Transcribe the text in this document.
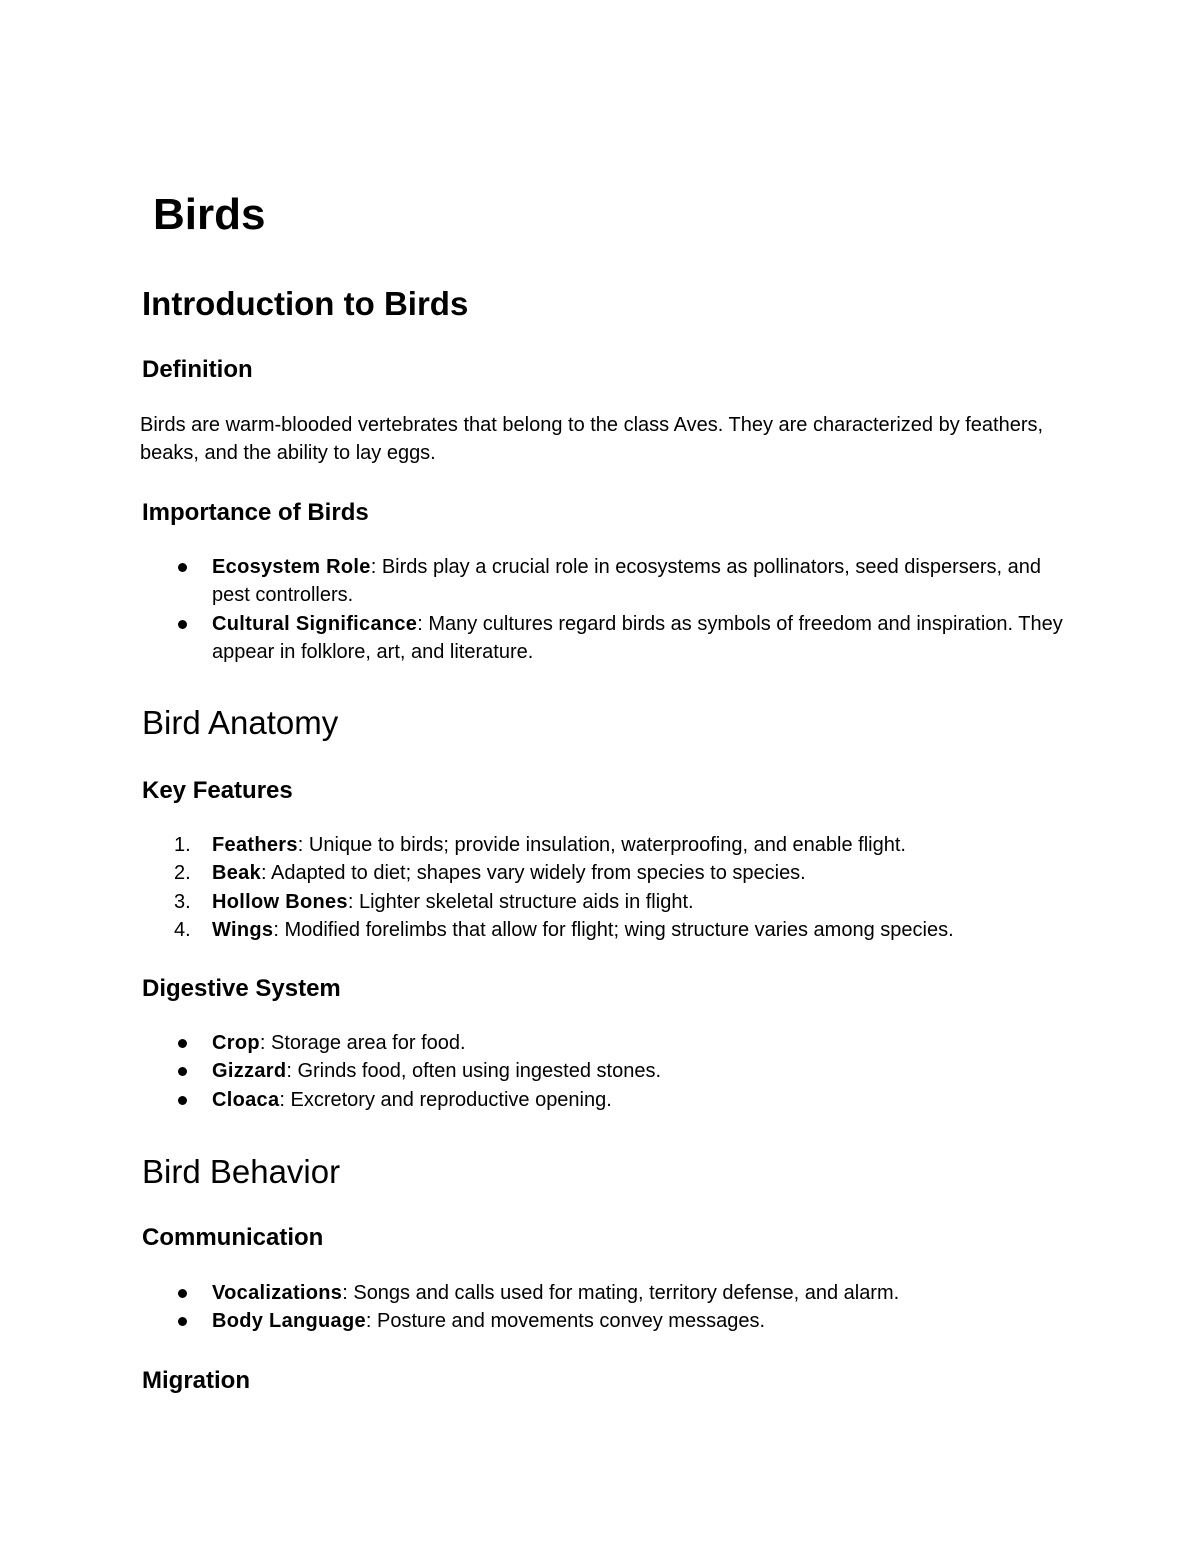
Birds
Introduction to Birds
Definition

Birds are warm-blooded vertebrates that belong to the class Aves. They are characterized by feathers, beaks, and the ability to lay eggs.

Importance of Birds
Ecosystem Role: Birds play a crucial role in ecosystems as pollinators, seed dispersers, and pest controllers.
Cultural Significance: Many cultures regard birds as symbols of freedom and inspiration. They appear in folklore, art, and literature.
Bird Anatomy
Key Features
1. Feathers: Unique to birds; provide insulation, waterproofing, and enable flight.
2. Beak: Adapted to diet; shapes vary widely from species to species.
3. Hollow Bones: Lighter skeletal structure aids in flight.
4. Wings: Modified forelimbs that allow for flight; wing structure varies among species.
Digestive System
Crop: Storage area for food.
Gizzard: Grinds food, often using ingested stones.
Cloaca: Excretory and reproductive opening.
Bird Behavior
Communication
Vocalizations: Songs and calls used for mating, territory defense, and alarm.
Body Language: Posture and movements convey messages.
Migration
